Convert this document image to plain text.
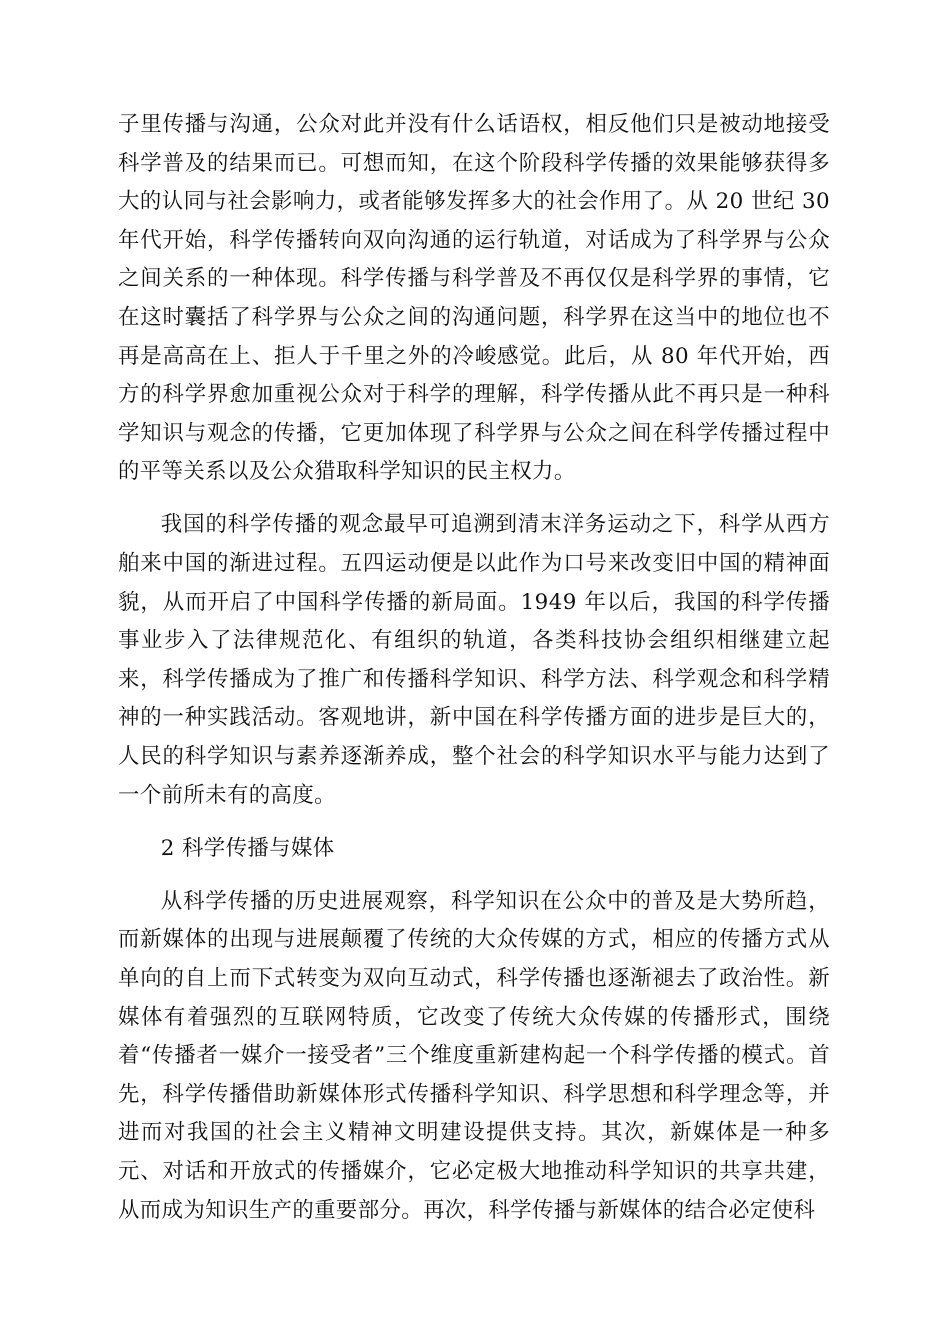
子里传播与沟通，公众对此并没有什么话语权，相反他们只是被动地接受科学普及的结果而已。可想而知，在这个阶段科学传播的效果能够获得多大的认同与社会影响力，或者能够发挥多大的社会作用了。从 20 世纪 30 年代开始，科学传播转向双向沟通的运行轨道，对话成为了科学界与公众之间关系的一种体现。科学传播与科学普及不再仅仅是科学界的事情，它在这时囊括了科学界与公众之间的沟通问题，科学界在这当中的地位也不再是高高在上、拒人于千里之外的冷峻感觉。此后，从 80 年代开始，西方的科学界愈加重视公众对于科学的理解，科学传播从此不再只是一种科学知识与观念的传播，它更加体现了科学界与公众之间在科学传播过程中的平等关系以及公众猎取科学知识的民主权力。

我国的科学传播的观念最早可追溯到清末洋务运动之下，科学从西方舶来中国的渐进过程。五四运动便是以此作为口号来改变旧中国的精神面貌，从而开启了中国科学传播的新局面。1949 年以后，我国的科学传播事业步入了法律规范化、有组织的轨道，各类科技协会组织相继建立起来，科学传播成为了推广和传播科学知识、科学方法、科学观念和科学精神的一种实践活动。客观地讲，新中国在科学传播方面的进步是巨大的，人民的科学知识与素养逐渐养成，整个社会的科学知识水平与能力达到了一个前所未有的高度。

2 科学传播与媒体

从科学传播的历史进展观察，科学知识在公众中的普及是大势所趋，而新媒体的出现与进展颠覆了传统的大众传媒的方式，相应的传播方式从单向的自上而下式转变为双向互动式，科学传播也逐渐褪去了政治性。新媒体有着强烈的互联网特质，它改变了传统大众传媒的传播形式，围绕着“传播者一媒介一接受者”三个维度重新建构起一个科学传播的模式。首先，科学传播借助新媒体形式传播科学知识、科学思想和科学理念等，并进而对我国的社会主义精神文明建设提供支持。其次，新媒体是一种多元、对话和开放式的传播媒介，它必定极大地推动科学知识的共享共建，从而成为知识生产的重要部分。再次，科学传播与新媒体的结合必定使科
